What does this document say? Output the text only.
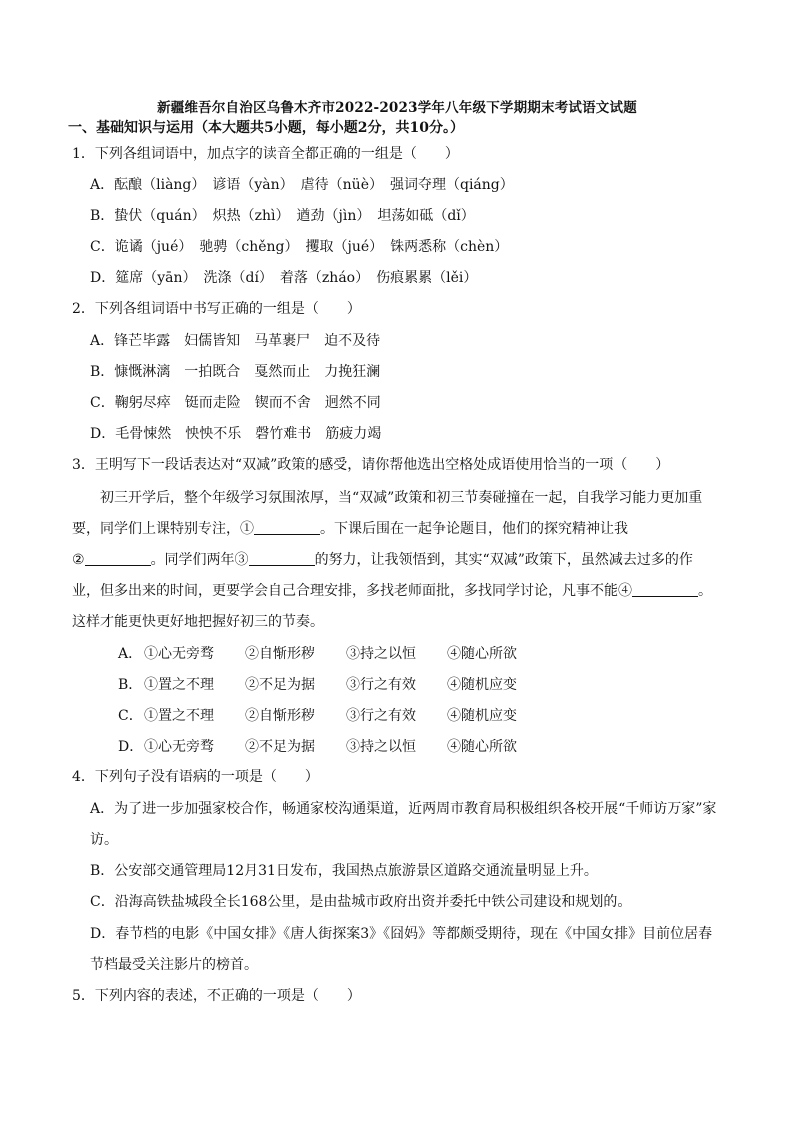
新疆维吾尔自治区乌鲁木齐市2022-2023学年八年级下学期期末考试语文试题
一、基础知识与运用（本大题共5小题，每小题2分，共10分。）
1．下列各组词语中，加点字的读音全都正确的一组是（　　）
A．酝酿（liàng）　谚语（yàn）　虐待（nüè）　强词夺理（qiáng）
B．蛰伏（quán）　炽热（zhì）　遒劲（jìn）　坦荡如砥（dǐ）
C．诡谲（jué）　驰骋（chěng）　攫取（jué）　铢两悉称（chèn）
D．筵席（yān）　洗涤（dí）　着落（zháo）　伤痕累累（lěi）
2．下列各组词语中书写正确的一组是（　　）
A．锋芒毕露　妇儒皆知　马革裹尸　迫不及待
B．慷慨淋漓　一拍既合　戛然而止　力挽狂澜
C．鞠躬尽瘁　铤而走险　锲而不舍　迥然不同
D．毛骨悚然　怏怏不乐　磬竹难书　筋疲力竭
3．王明写下一段话表达对“双减”政策的感受，请你帮他选出空格处成语使用恰当的一项（　　）
初三开学后，整个年级学习氛围浓厚，当“双减”政策和初三节奏碰撞在一起，自我学习能力更加重
要，同学们上课特别专注，①	。下课后围在一起争论题目，他们的探究精神让我
②	。同学们两年③	的努力，让我领悟到，其实“双减”政策下，虽然减去过多的作
业，但多出来的时间，更要学会自己合理安排，多找老师面批，多找同学讨论，凡事不能④	。
这样才能更快更好地把握好初三的节奏。
A． ①心无旁骛 ②自惭形秽 ③持之以恒 ④随心所欲
B． ①置之不理 ②不足为据 ③行之有效 ④随机应变
C．①置之不理 ②自惭形秽 ③行之有效 ④随机应变
D．①心无旁骛 ②不足为据 ③持之以恒 ④随心所欲
4．下列句子没有语病的一项是（　　）
A．为了进一步加强家校合作，畅通家校沟通渠道，近两周市教育局积极组织各校开展“千师访万家”家
访。
B．公安部交通管理局12月31日发布，我国热点旅游景区道路交通流量明显上升。
C．沿海高铁盐城段全长168公里，是由盐城市政府出资并委托中铁公司建设和规划的。
D．春节档的电影《中国女排》《唐人街探案3》《囧妈》等都颇受期待，现在《中国女排》目前位居春
节档最受关注影片的榜首。
5．下列内容的表述，不正确的一项是（　　）
